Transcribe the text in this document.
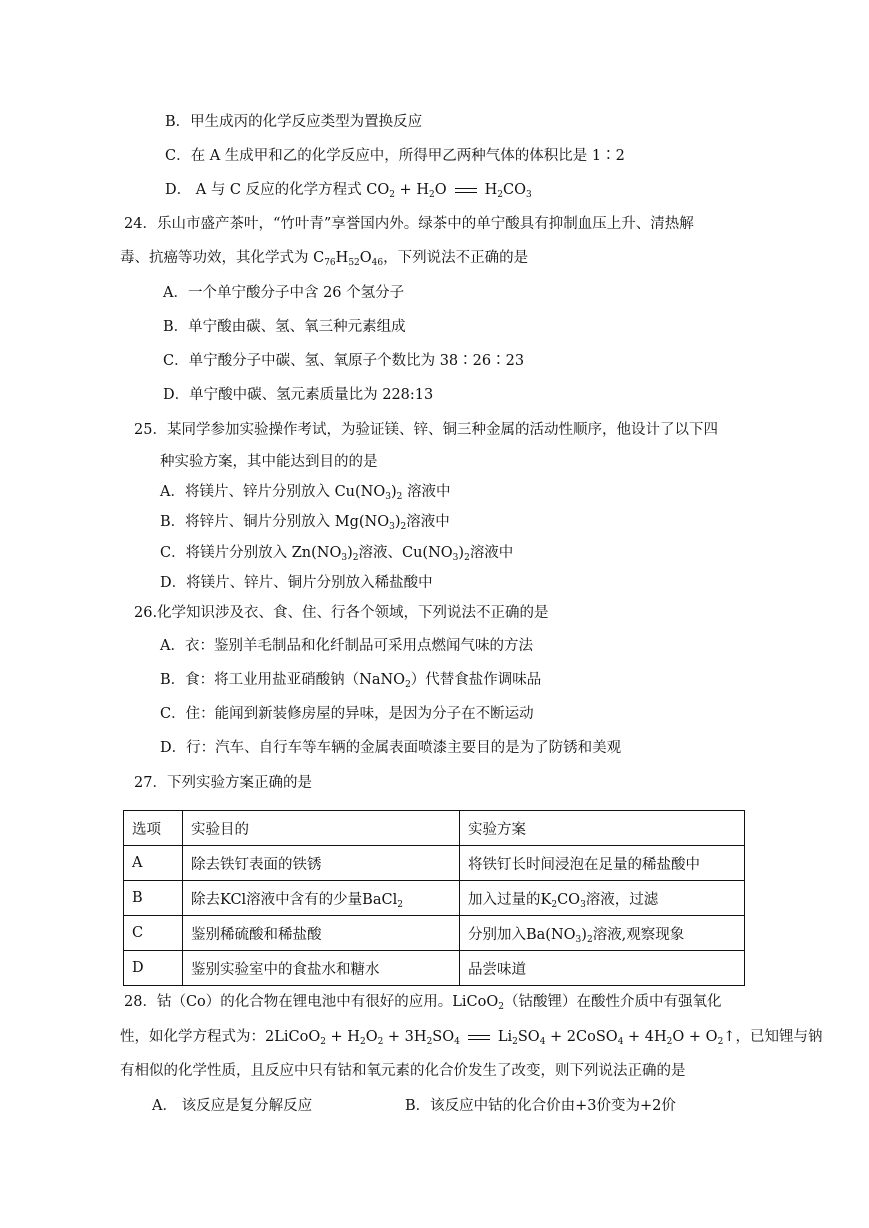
B．甲生成丙的化学反应类型为置换反应
C．在 A 生成甲和乙的化学反应中，所得甲乙两种气体的体积比是 1∶2
D． A 与 C 反应的化学方程式 $CO_2 + H_2O$	$H_2CO_3$
24．乐山市盛产茶叶，“竹叶青”享誉国内外。绿茶中的单宁酸具有抑制血压上升、清热解
毒、抗癌等功效，其化学式为 $C_{76}H_{52}O_{46}$，下列说法不正确的是
A．一个单宁酸分子中含 26 个氢分子
B．单宁酸由碳、氢、氧三种元素组成
C．单宁酸分子中碳、氢、氧原子个数比为 38∶26∶23
D．单宁酸中碳、氢元素质量比为 228:13
25．某同学参加实验操作考试，为验证镁、锌、铜三种金属的活动性顺序，他设计了以下四
种实验方案，其中能达到目的的是
A．将镁片、锌片分别放入 $Cu(NO_3)_2$ 溶液中
B．将锌片、铜片分别放入 $Mg(NO_3)_2$溶液中
C．将镁片分别放入 $Zn(NO_3)_2$溶液、$Cu(NO_3)_2$溶液中
D．将镁片、锌片、铜片分别放入稀盐酸中
26.化学知识涉及衣、食、住、行各个领域，下列说法不正确的是
A．衣：鉴别羊毛制品和化纤制品可采用点燃闻气味的方法
B．食：将工业用盐亚硝酸钠（NaNO$_2$）代替食盐作调味品
C．住：能闻到新装修房屋的异味，是因为分子在不断运动
D．行：汽车、自行车等车辆的金属表面喷漆主要目的是为了防锈和美观
27．下列实验方案正确的是
选项	实验目的	实验方案
A	除去铁钉表面的铁锈	将铁钉长时间浸泡在足量的稀盐酸中
B	除去KCl溶液中含有的少量BaCl$_2$	加入过量的$K_2CO_3$溶液，过滤
C	鉴别稀硫酸和稀盐酸	分别加入$Ba(NO_3)_2$溶液,观察现象
D	鉴别实验室中的食盐水和糖水	品尝味道
28．钴（Co）的化合物在锂电池中有很好的应用。LiCoO$_2$（钴酸锂）在酸性介质中有强氧化
性，如化学方程式为：2LiCoO$_2$ + $H_2O_2 + 3H_2SO_4$	$Li_2SO_4$ + 2CoSO$_4$ + $4H_2O$ + $O_2↑$，已知锂与钠
有相似的化学性质，且反应中只有钴和氧元素的化合价发生了改变，则下列说法正确的是
A． 该反应是复分解反应	B．该反应中钴的化合价由+3价变为+2价
